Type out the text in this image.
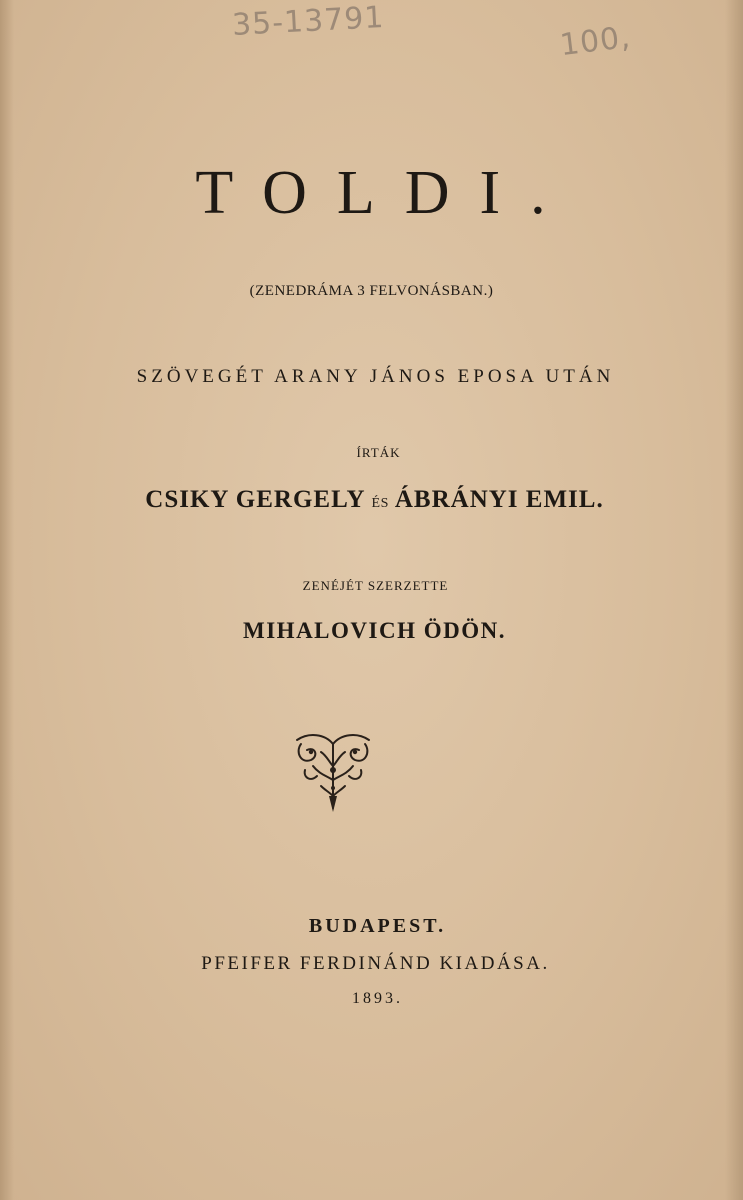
35-13791	100,
TOLDI.
(ZENEDRÁMA 3 FELVONÁSBAN.)
SZÖVEGÉT ARANY JÁNOS EPOSA UTÁN
ÍRTÁK
CSIKY GERGELY ÉS ÁBRÁNYI EMIL.
ZENÉJÉT SZERZETTE
MIHALOVICH ÖDÖN.
BUDAPEST.
PFEIFER FERDINÁND KIADÁSA.
1893.
